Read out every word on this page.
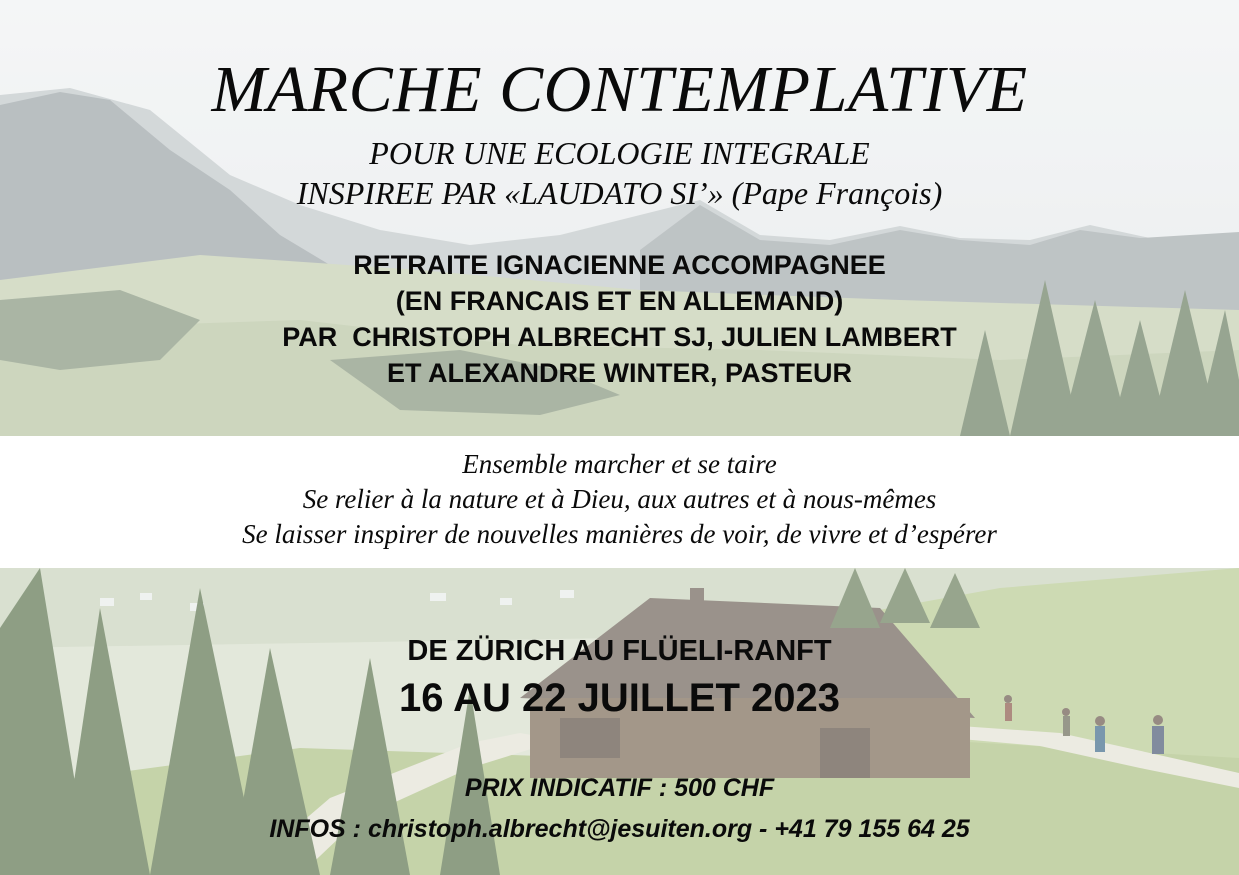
MARCHE CONTEMPLATIVE
POUR UNE ECOLOGIE INTEGRALE
INSPIREE PAR «LAUDATO SI’» (Pape François)
RETRAITE IGNACIENNE ACCOMPAGNEE
(EN FRANCAIS ET EN ALLEMAND)
PAR  CHRISTOPH ALBRECHT SJ, JULIEN LAMBERT
ET ALEXANDRE WINTER, PASTEUR
Ensemble marcher et se taire
Se relier à la nature et à Dieu, aux autres et à nous-mêmes
Se laisser inspirer de nouvelles manières de voir, de vivre et d’espérer
DE ZÜRICH AU FLÜELI-RANFT
16 AU 22 JUILLET 2023
PRIX INDICATIF : 500 CHF
INFOS : christoph.albrecht@jesuiten.org - +41 79 155 64 25
